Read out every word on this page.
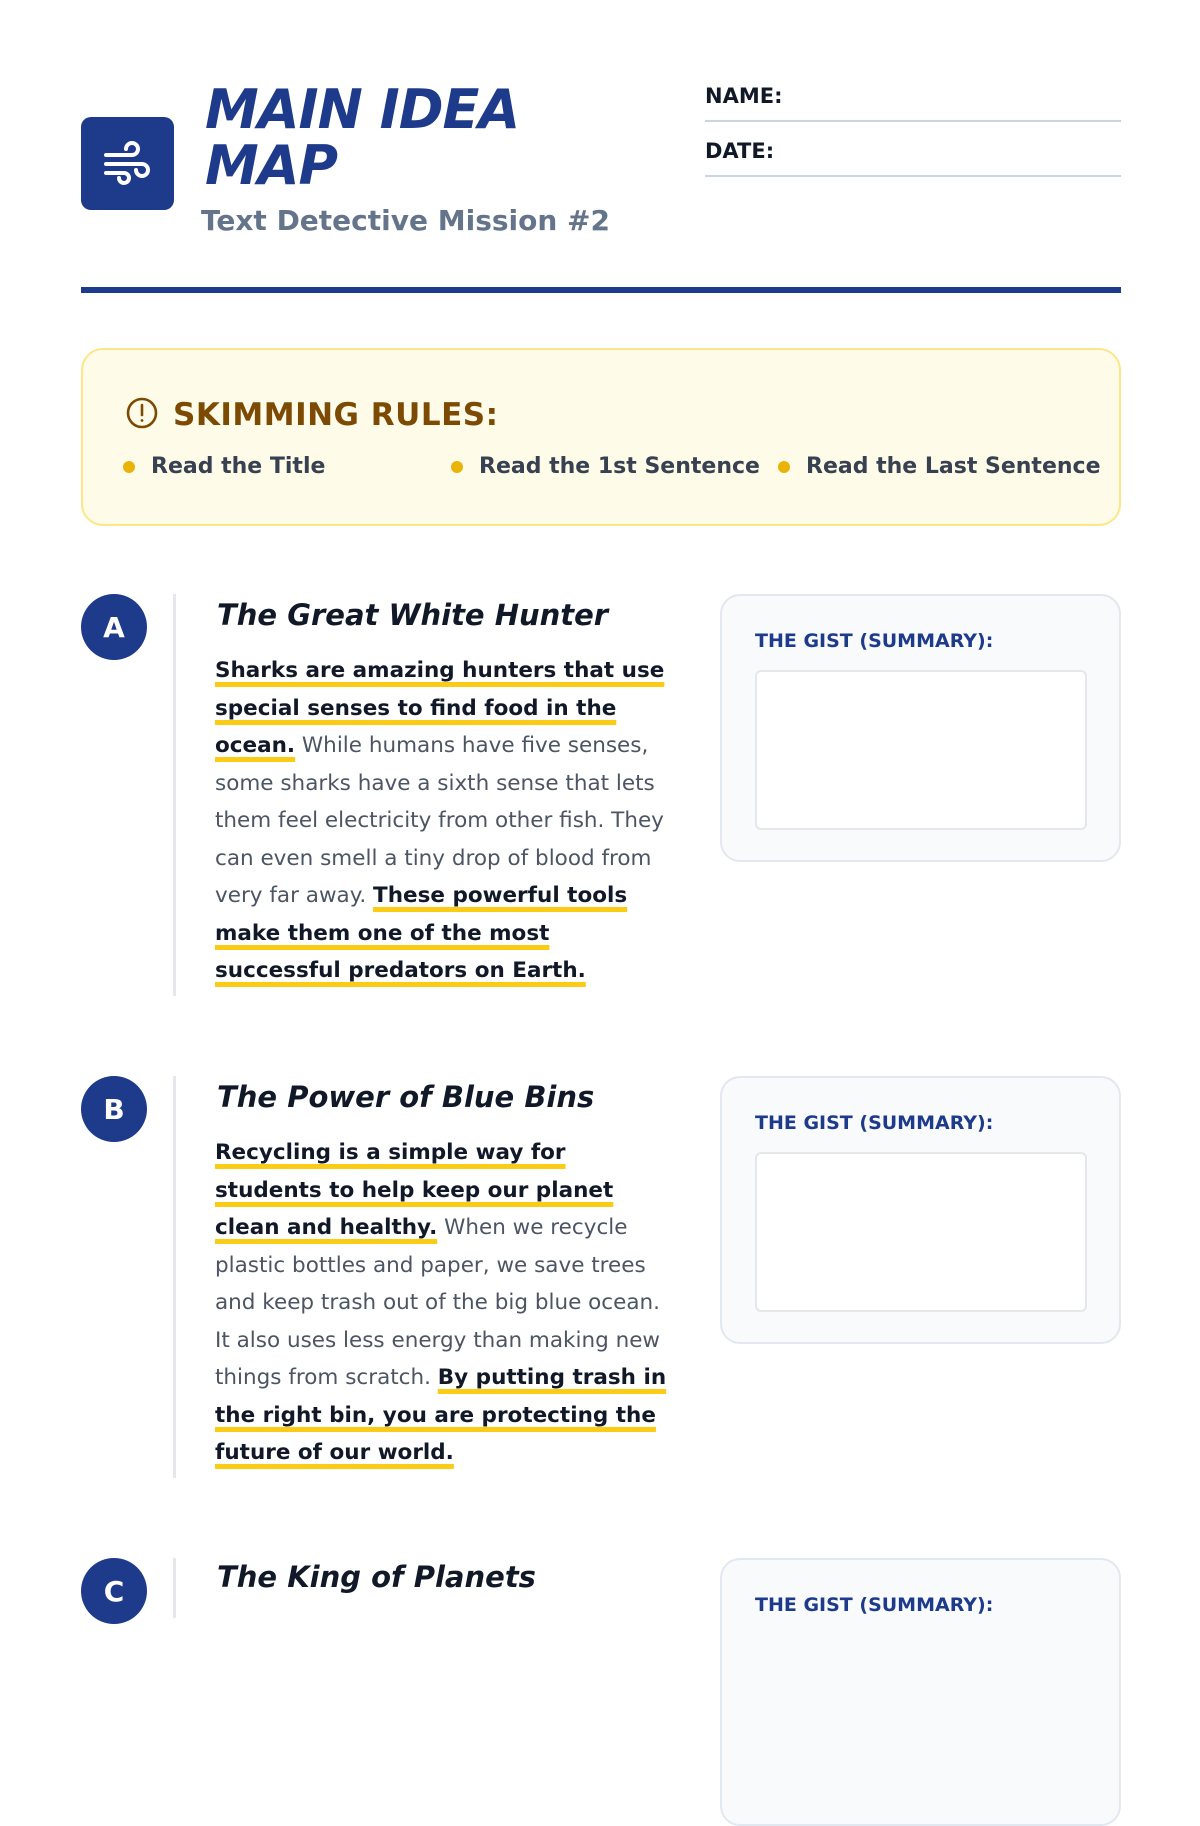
MAIN IDEA MAP
Text Detective Mission #2
NAME:
DATE:
SKIMMING RULES:
Read the Title	Read the 1st Sentence Read the Last Sentence
A	The Great White Hunter

Sharks are amazing hunters that use special senses to find food in the ocean. While humans have five senses, some sharks have a sixth sense that lets them feel electricity from other fish. They can even smell a tiny drop of blood from very far away. These powerful tools make them one of the most successful predators on Earth.

THE GIST (SUMMARY):
B	The Power of Blue Bins

Recycling is a simple way for students to help keep our planet clean and healthy. When we recycle plastic bottles and paper, we save trees and keep trash out of the big blue ocean. It also uses less energy than making new things from scratch. By putting trash in the right bin, you are protecting the future of our world.

THE GIST (SUMMARY):
C	The King of Planets
THE GIST (SUMMARY):
